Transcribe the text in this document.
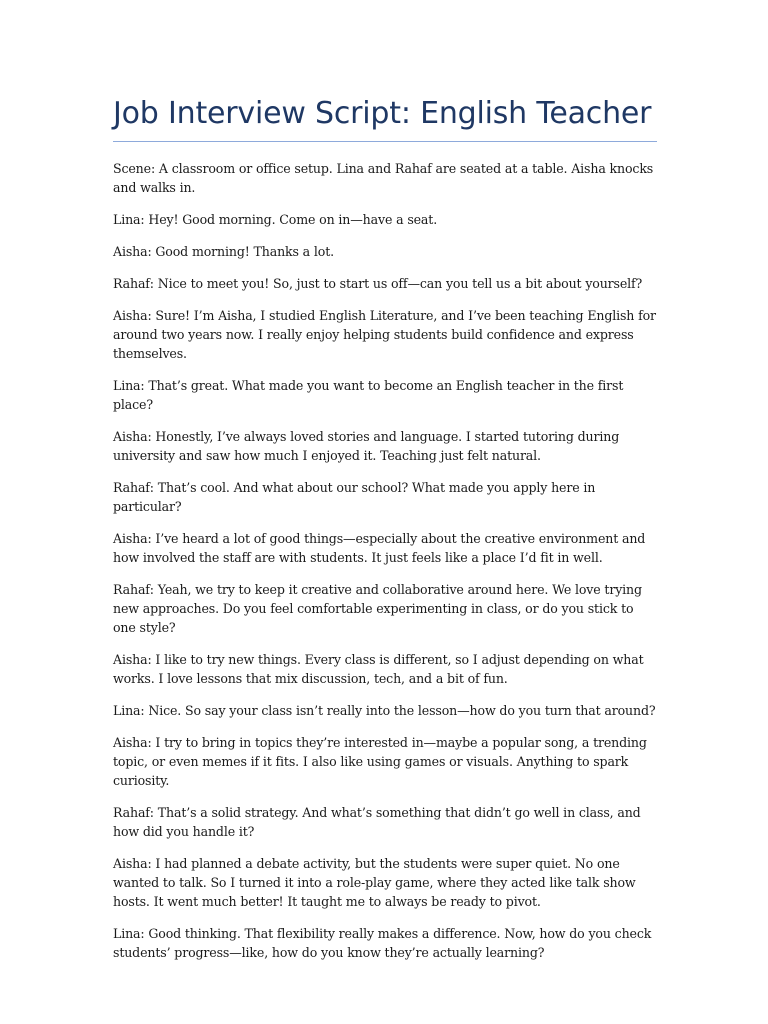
Job Interview Script: English Teacher

Scene: A classroom or office setup. Lina and Rahaf are seated at a table. Aisha knocks and walks in.

Lina: Hey! Good morning. Come on in—have a seat.

Aisha: Good morning! Thanks a lot.

Rahaf: Nice to meet you! So, just to start us off—can you tell us a bit about yourself?

Aisha: Sure! I’m Aisha, I studied English Literature, and I’ve been teaching English for around two years now. I really enjoy helping students build confidence and express themselves.

Lina: That’s great. What made you want to become an English teacher in the first place?

Aisha: Honestly, I’ve always loved stories and language. I started tutoring during university and saw how much I enjoyed it. Teaching just felt natural.

Rahaf: That’s cool. And what about our school? What made you apply here in particular?

Aisha: I’ve heard a lot of good things—especially about the creative environment and how involved the staff are with students. It just feels like a place I’d fit in well.

Rahaf: Yeah, we try to keep it creative and collaborative around here. We love trying new approaches. Do you feel comfortable experimenting in class, or do you stick to one style?

Aisha: I like to try new things. Every class is different, so I adjust depending on what works. I love lessons that mix discussion, tech, and a bit of fun.

Lina: Nice. So say your class isn’t really into the lesson—how do you turn that around?

Aisha: I try to bring in topics they’re interested in—maybe a popular song, a trending topic, or even memes if it fits. I also like using games or visuals. Anything to spark curiosity.

Rahaf: That’s a solid strategy. And what’s something that didn’t go well in class, and how did you handle it?

Aisha: I had planned a debate activity, but the students were super quiet. No one wanted to talk. So I turned it into a role-play game, where they acted like talk show hosts. It went much better! It taught me to always be ready to pivot.

Lina: Good thinking. That flexibility really makes a difference. Now, how do you check students’ progress—like, how do you know they’re actually learning?
